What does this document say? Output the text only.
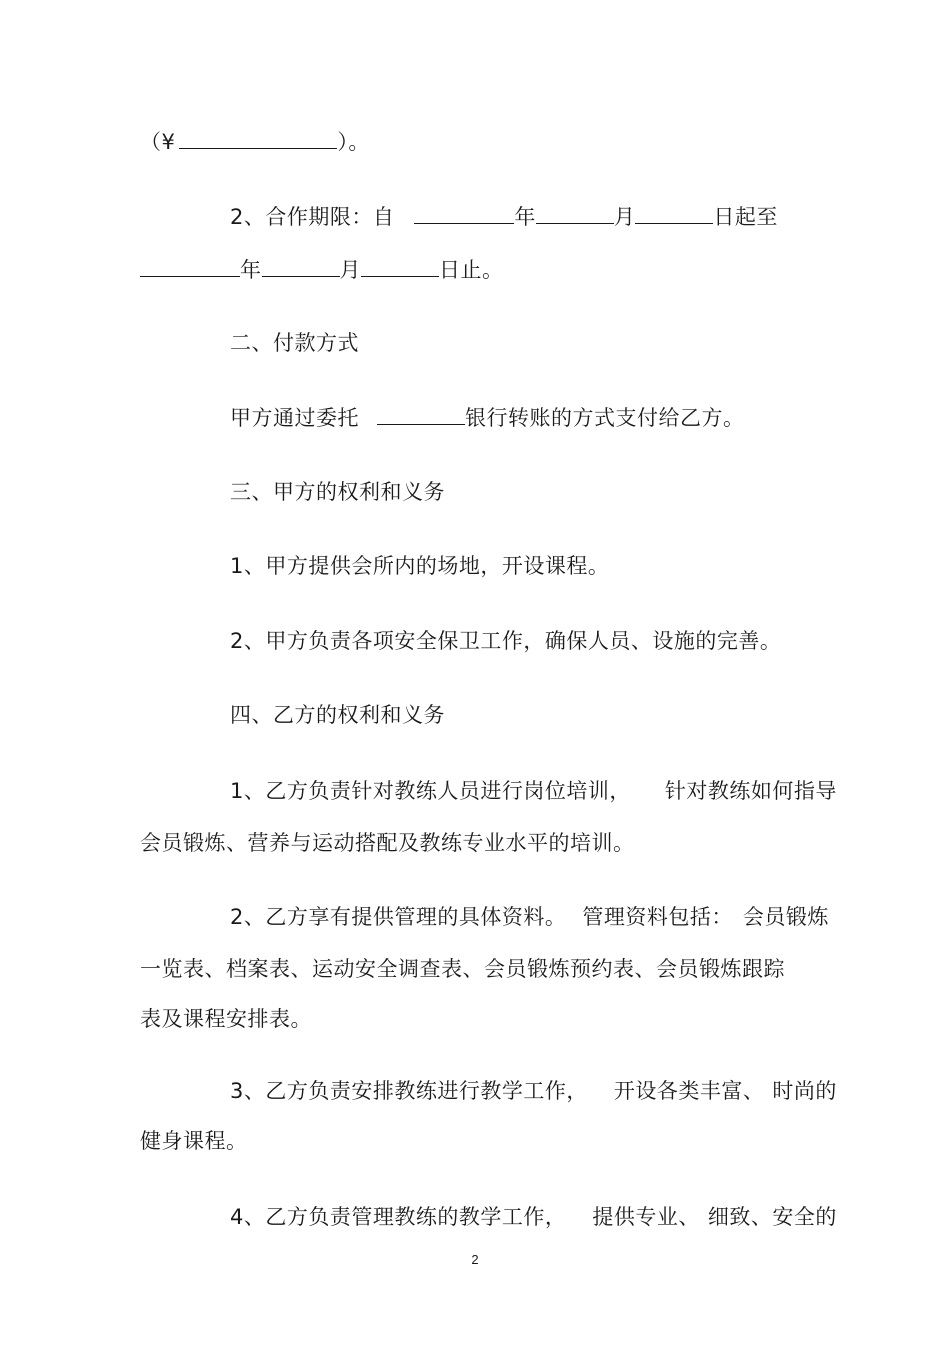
（¥	）。
2、合作期限：自	年	月	日起至
年	月	日止。
二、付款方式
甲方通过委托	银行转账的方式支付给乙方。
三、甲方的权利和义务
1、甲方提供会所内的场地，开设课程。
2、甲方负责各项安全保卫工作，确保人员、设施的完善。
四、乙方的权利和义务
1、乙方负责针对教练人员进行岗位培训， 针对教练如何指导
会员锻炼、营养与运动搭配及教练专业水平的培训。
2、乙方享有提供管理的具体资料。 管理资料包括： 会员锻炼
一览表、档案表、运动安全调查表、会员锻炼预约表、会员锻炼跟踪
表及课程安排表。
3、乙方负责安排教练进行教学工作， 开设各类丰富、 时尚的
健身课程。
4、乙方负责管理教练的教学工作， 提供专业、 细致、安全的
2
